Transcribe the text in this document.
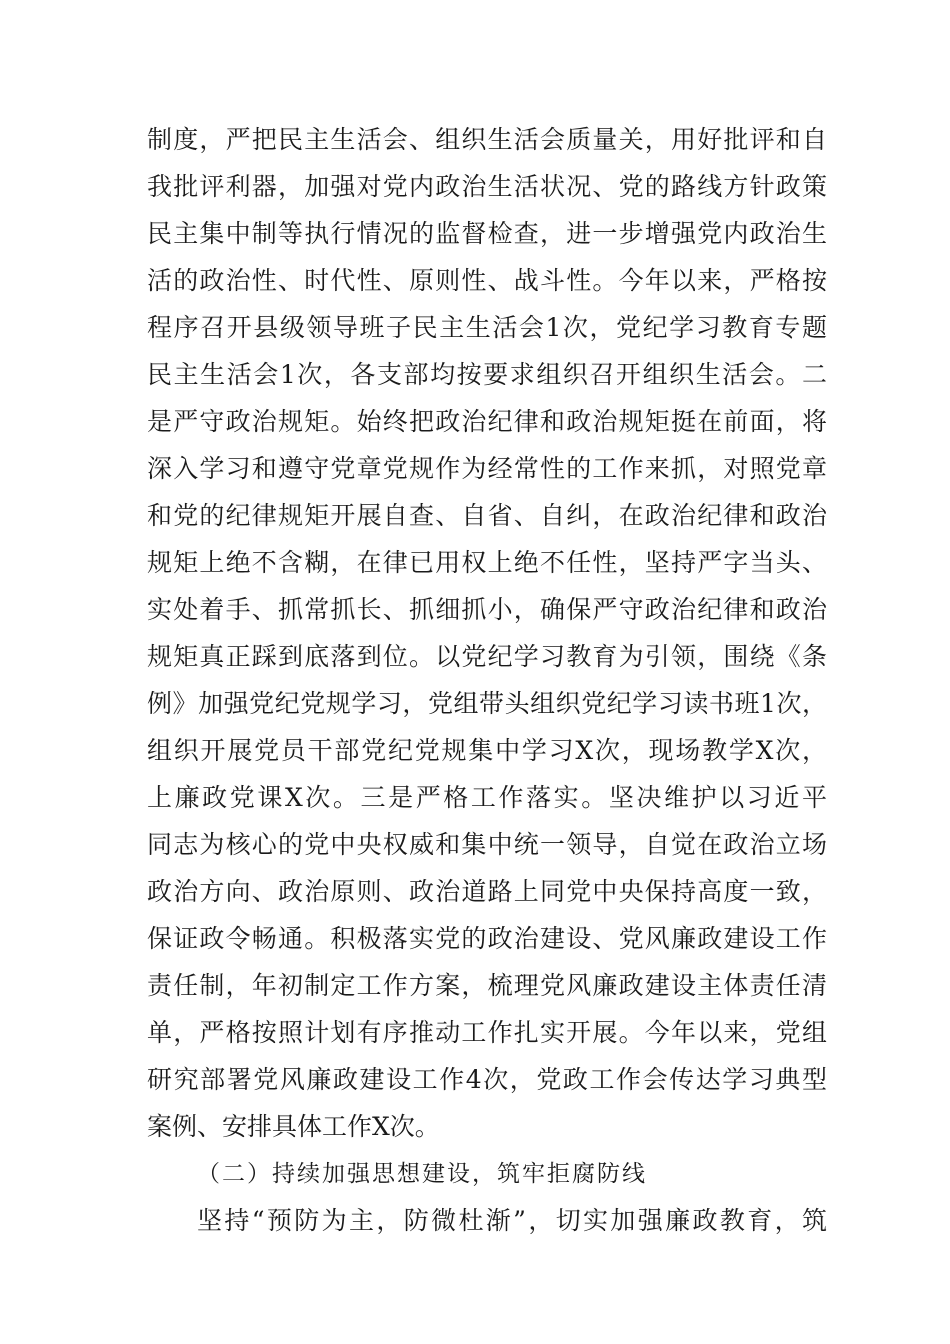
制度，严把民主生活会、组织生活会质量关，用好批评和自
我批评利器，加强对党内政治生活状况、党的路线方针政策
民主集中制等执行情况的监督检查，进一步增强党内政治生
活的政治性、时代性、原则性、战斗性。今年以来，严格按
程序召开县级领导班子民主生活会1次，党纪学习教育专题
民主生活会1次，各支部均按要求组织召开组织生活会。二
是严守政治规矩。始终把政治纪律和政治规矩挺在前面，将
深入学习和遵守党章党规作为经常性的工作来抓，对照党章
和党的纪律规矩开展自查、自省、自纠，在政治纪律和政治
规矩上绝不含糊，在律已用权上绝不任性，坚持严字当头、
实处着手、抓常抓长、抓细抓小，确保严守政治纪律和政治
规矩真正踩到底落到位。以党纪学习教育为引领，围绕《条
例》加强党纪党规学习，党组带头组织党纪学习读书班1次，
组织开展党员干部党纪党规集中学习X次，现场教学X次，
上廉政党课X次。三是严格工作落实。坚决维护以习近平
同志为核心的党中央权威和集中统一领导，自觉在政治立场
政治方向、政治原则、政治道路上同党中央保持高度一致，
保证政令畅通。积极落实党的政治建设、党风廉政建设工作
责任制，年初制定工作方案，梳理党风廉政建设主体责任清
单，严格按照计划有序推动工作扎实开展。今年以来，党组
研究部署党风廉政建设工作4次，党政工作会传达学习典型
案例、安排具体工作X次。
（二）持续加强思想建设，筑牢拒腐防线
坚持“预防为主，防微杜渐”，切实加强廉政教育，筑
